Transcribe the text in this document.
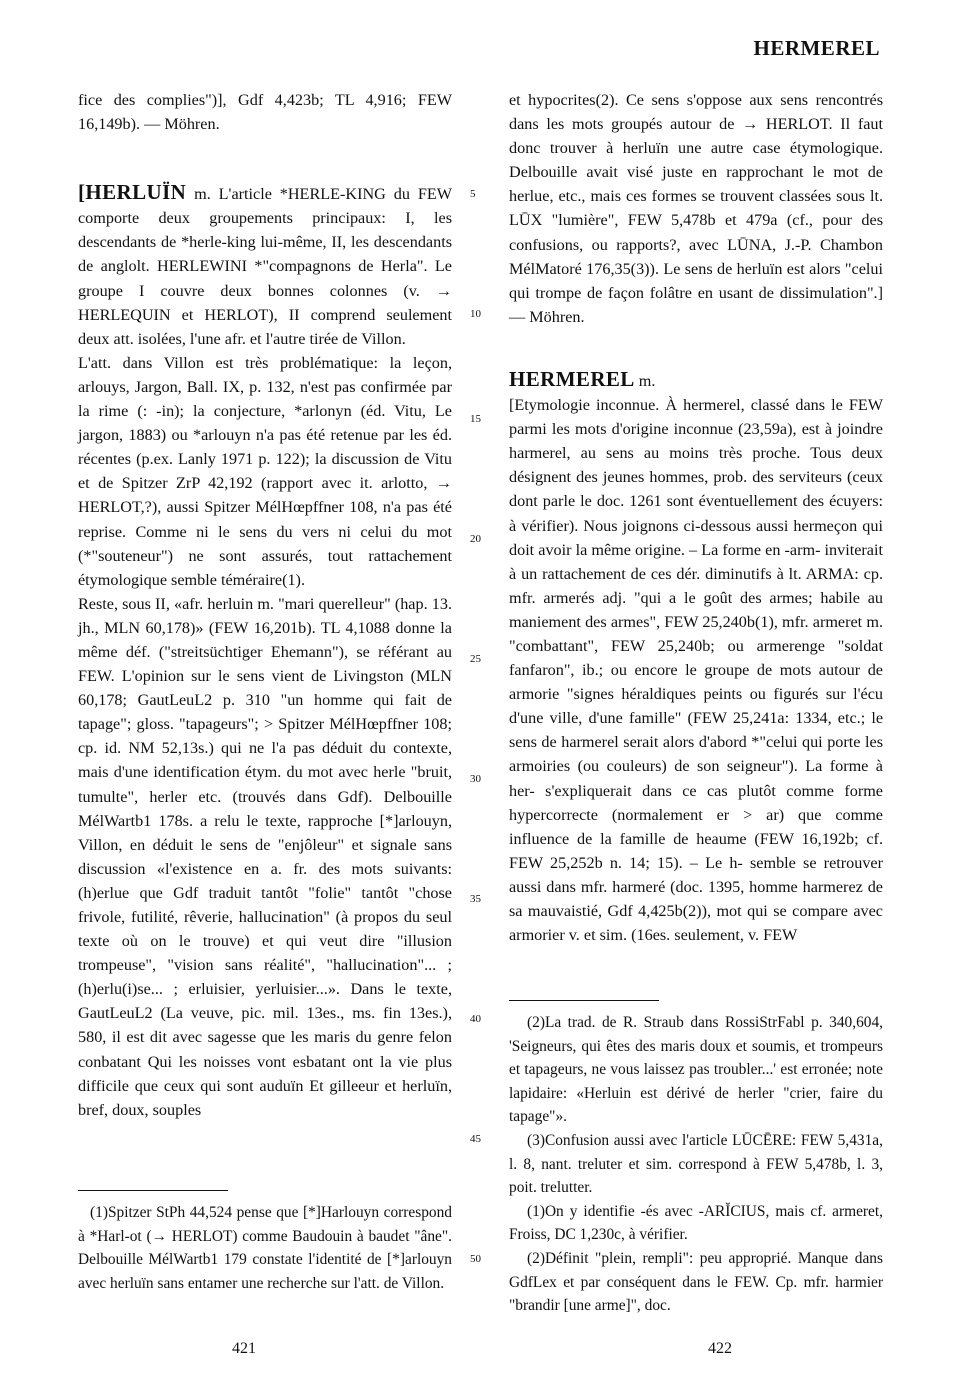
HERMEREL

fice des complies")], Gdf 4,423b; TL 4,916; FEW 16,149b). — Möhren.

[HERLUÏN m. L'article *HERLE-KING du FEW comporte deux groupements principaux: I, les descendants de *herle-king lui-même, II, les descendants de anglolt. HERLEWINI *"compagnons de Herla". Le groupe I couvre deux bonnes colonnes (v. → HERLEQUIN et HERLOT), II comprend seulement deux att. isolées, l'une afr. et l'autre tirée de Villon.

L'att. dans Villon est très problématique: la leçon, arlouys, Jargon, Ball. IX, p. 132, n'est pas confirmée par la rime (: -in); la conjecture, *arlonyn (éd. Vitu, Le jargon, 1883) ou *arlouyn n'a pas été retenue par les éd. récentes (p.ex. Lanly 1971 p. 122); la discussion de Vitu et de Spitzer ZrP 42,192 (rapport avec it. arlotto, → HERLOT,?), aussi Spitzer MélHœpffner 108, n'a pas été reprise. Comme ni le sens du vers ni celui du mot (*"souteneur") ne sont assurés, tout rattachement étymologique semble téméraire(1).

Reste, sous II, «afr. herluin m. "mari querelleur" (hap. 13. jh., MLN 60,178)» (FEW 16,201b). TL 4,1088 donne la même déf. ("streitsüchtiger Ehemann"), se référant au FEW. L'opinion sur le sens vient de Livingston (MLN 60,178; GautLeuL2 p. 310 "un homme qui fait de tapage"; gloss. "tapageurs"; > Spitzer MélHœpffner 108; cp. id. NM 52,13s.) qui ne l'a pas déduit du contexte, mais d'une identification étym. du mot avec herle "bruit, tumulte", herler etc. (trouvés dans Gdf). Delbouille MélWartb1 178s. a relu le texte, rapproche [*]arlouyn, Villon, en déduit le sens de "enjôleur" et signale sans discussion «l'existence en a. fr. des mots suivants: (h)erlue que Gdf traduit tantôt "folie" tantôt "chose frivole, futilité, rêverie, hallucination" (à propos du seul texte où on le trouve) et qui veut dire "illusion trompeuse", "vision sans réalité", "hallucination"... ; (h)erlu(i)se... ; erluisier, yerluisier...». Dans le texte, GautLeuL2 (La veuve, pic. mil. 13es., ms. fin 13es.), 580, il est dit avec sagesse que les maris du genre felon conbatant Qui les noisses vont esbatant ont la vie plus difficile que ceux qui sont auduïn Et gilleeur et herluïn, bref, doux, souples

5
10
15
20
25
30
35
40
45
50

et hypocrites(2). Ce sens s'oppose aux sens rencontrés dans les mots groupés autour de → HERLOT. Il faut donc trouver à herluïn une autre case étymologique. Delbouille avait visé juste en rapprochant le mot de herlue, etc., mais ces formes se trouvent classées sous lt. LŪX "lumière", FEW 5,478b et 479a (cf., pour des confusions, ou rapports?, avec LŪNA, J.-P. Chambon MélMatoré 176,35(3)). Le sens de herluïn est alors "celui qui trompe de façon folâtre en usant de dissimulation".] — Möhren.

HERMEREL m.

[Etymologie inconnue. À hermerel, classé dans le FEW parmi les mots d'origine inconnue (23,59a), est à joindre harmerel, au sens au moins très proche. Tous deux désignent des jeunes hommes, prob. des serviteurs (ceux dont parle le doc. 1261 sont éventuellement des écuyers: à vérifier). Nous joignons ci-dessous aussi hermeçon qui doit avoir la même origine. – La forme en -arm- inviterait à un rattachement de ces dér. diminutifs à lt. ARMA: cp. mfr. armerés adj. "qui a le goût des armes; habile au maniement des armes", FEW 25,240b(1), mfr. armeret m. "combattant", FEW 25,240b; ou armerenge "soldat fanfaron", ib.; ou encore le groupe de mots autour de armorie "signes héraldiques peints ou figurés sur l'écu d'une ville, d'une famille" (FEW 25,241a: 1334, etc.; le sens de harmerel serait alors d'abord *"celui qui porte les armoiries (ou couleurs) de son seigneur"). La forme à her- s'expliquerait dans ce cas plutôt comme forme hypercorrecte (normalement er > ar) que comme influence de la famille de heaume (FEW 16,192b; cf. FEW 25,252b n. 14; 15). – Le h- semble se retrouver aussi dans mfr. harmeré (doc. 1395, homme harmerez de sa mauvaistié, Gdf 4,425b(2)), mot qui se compare avec armorier v. et sim. (16es. seulement, v. FEW

(1)Spitzer StPh 44,524 pense que [*]Harlouyn correspond à *Harl-ot (→ HERLOT) comme Baudouin à baudet "âne". Delbouille MélWartb1 179 constate l'identité de [*]arlouyn avec herluïn sans entamer une recherche sur l'att. de Villon.

(2)La trad. de R. Straub dans RossiStrFabl p. 340,604, 'Seigneurs, qui êtes des maris doux et soumis, et trompeurs et tapageurs, ne vous laissez pas troubler...' est erronée; note lapidaire: «Herluin est dérivé de herler "crier, faire du tapage"».

(3)Confusion aussi avec l'article LŪCĒRE: FEW 5,431a, l. 8, nant. treluter et sim. correspond à FEW 5,478b, l. 3, poit. trelutter.

(1)On y identifie -és avec -ARĬCIUS, mais cf. armeret, Froiss, DC 1,230c, à vérifier.

(2)Définit "plein, rempli": peu approprié. Manque dans GdfLex et par conséquent dans le FEW. Cp. mfr. harmier "brandir [une arme]", doc.

421	422
